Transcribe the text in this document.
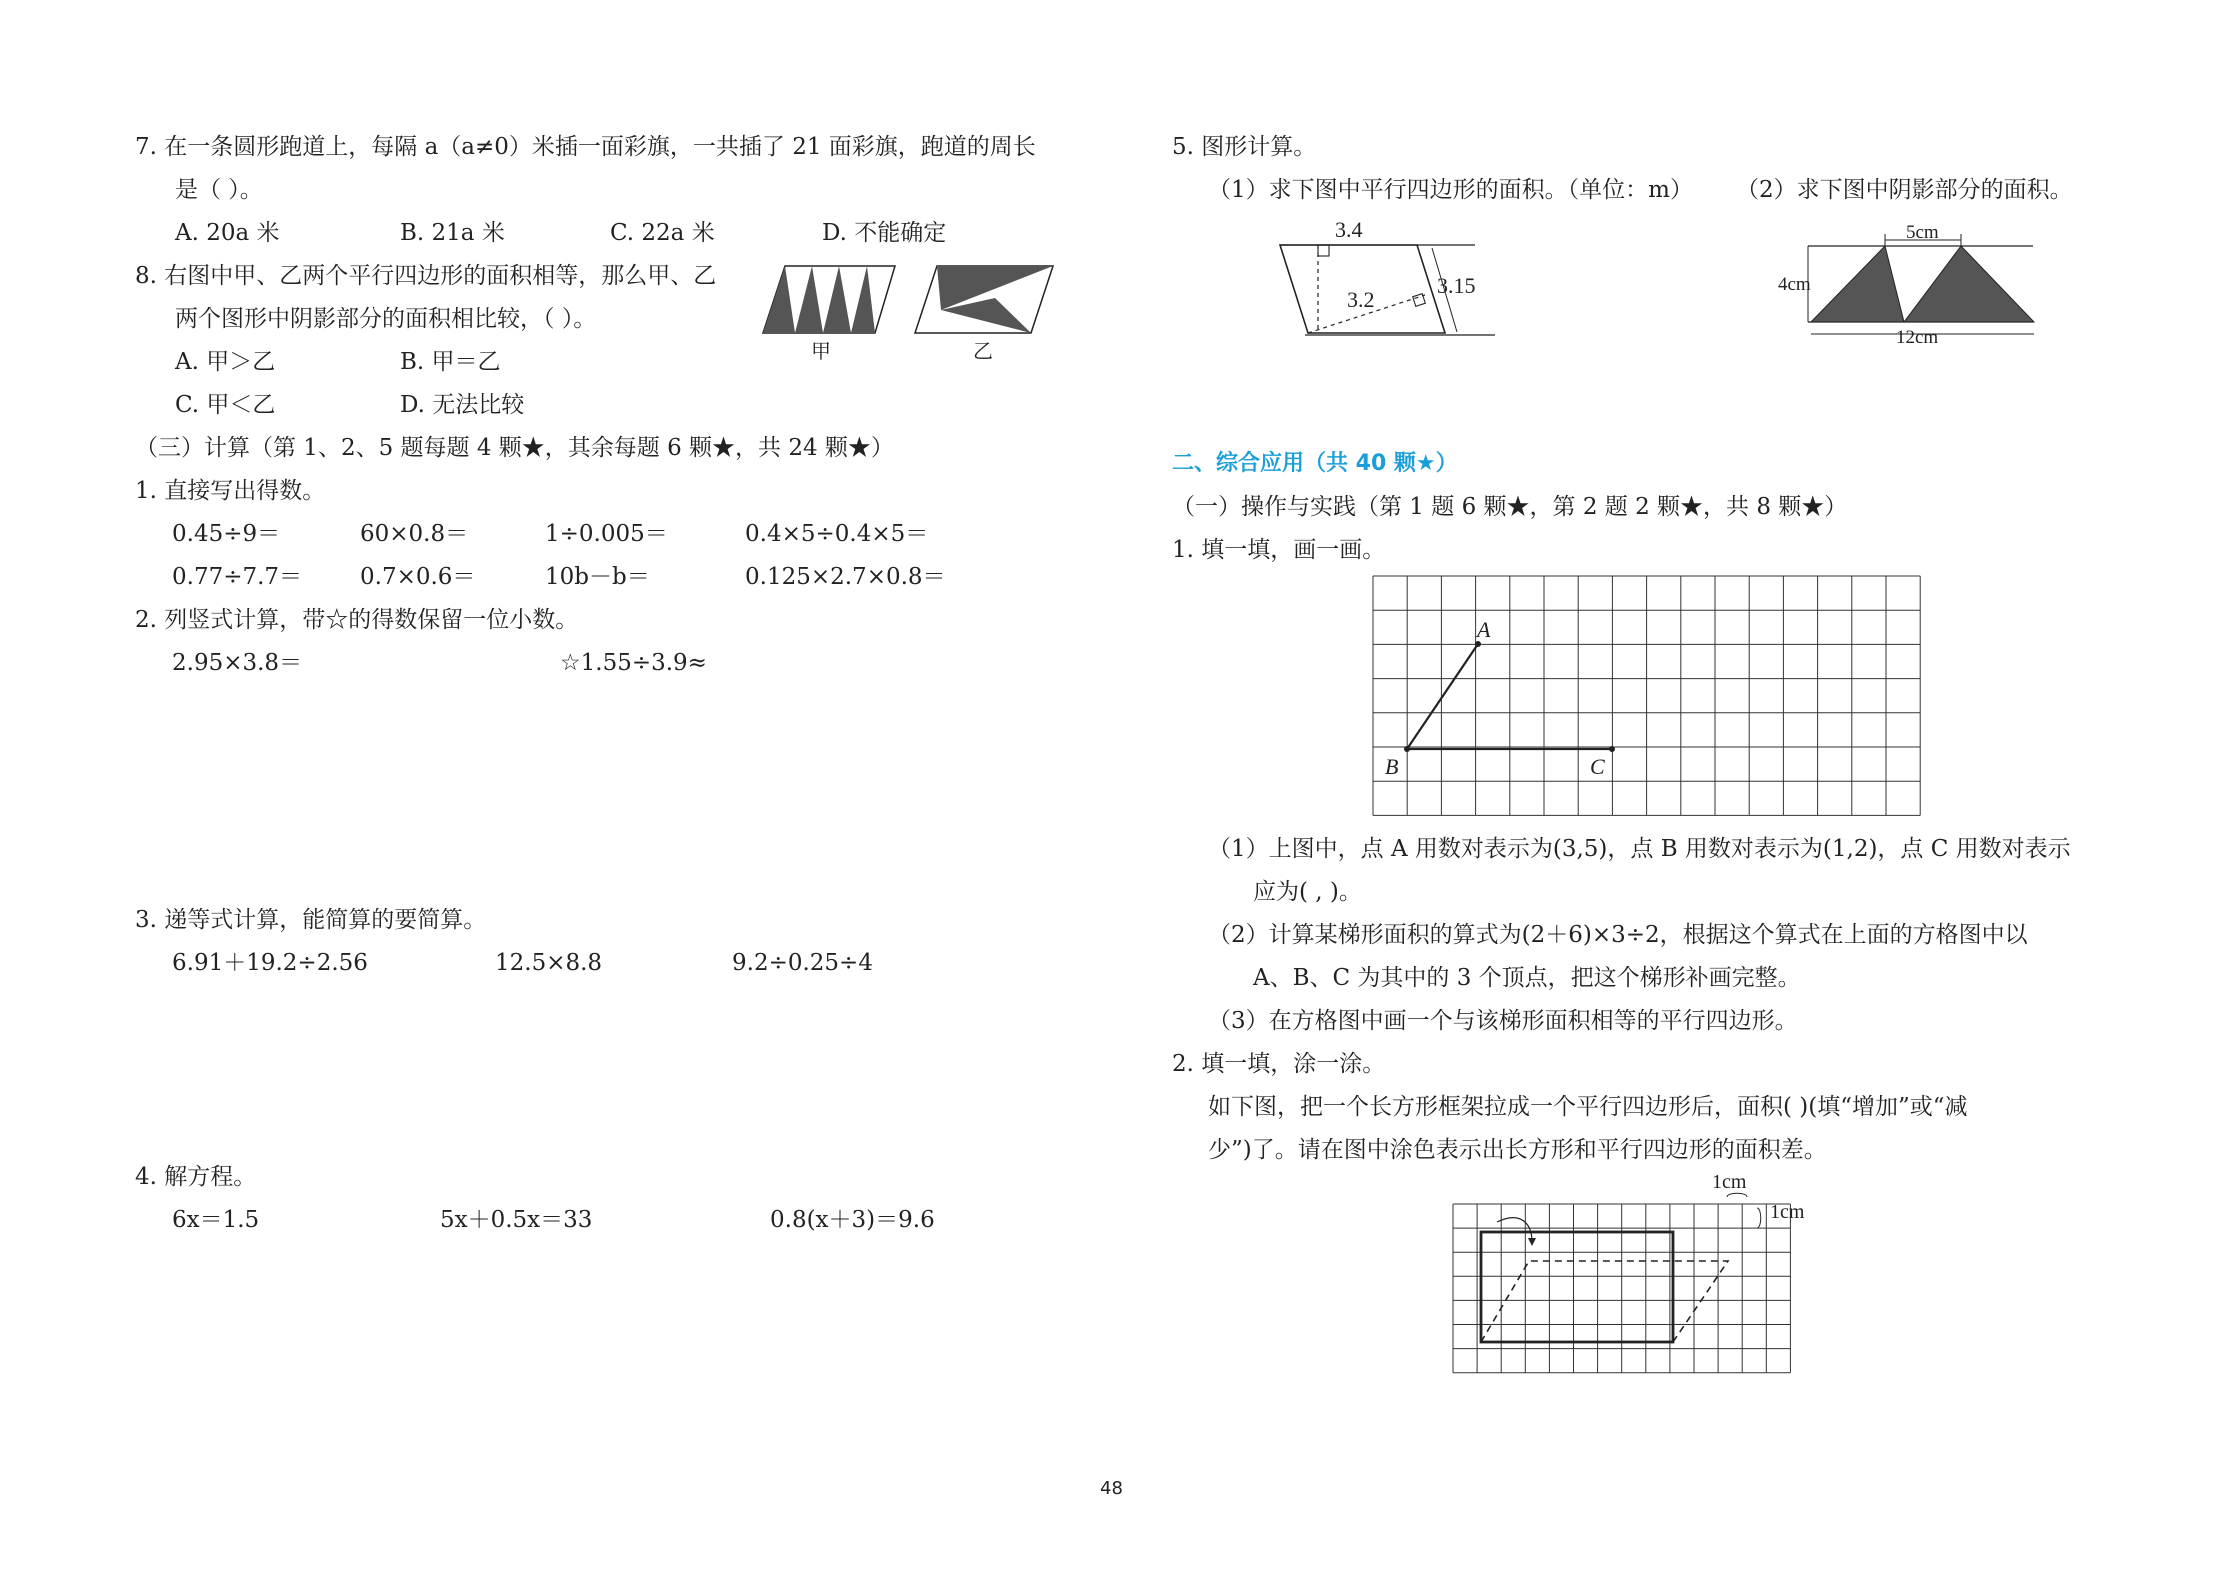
7. 在一条圆形跑道上，每隔 a（a≠0）米插一面彩旗，一共插了 21 面彩旗，跑道的周长
是（ ）。
A. 20a 米	B. 21a 米	C. 22a 米	D. 不能确定
8. 右图中甲、乙两个平行四边形的面积相等，那么甲、乙
两个图形中阴影部分的面积相比较，（ ）。
A. 甲＞乙	B. 甲＝乙
C. 甲＜乙	D. 无法比较
甲	乙
（三）计算（第 1、2、5 题每题 4 颗★，其余每题 6 颗★，共 24 颗★）
1. 直接写出得数。
0.45÷9＝	60×0.8＝	1÷0.005＝	0.4×5÷0.4×5＝
0.77÷7.7＝	0.7×0.6＝	10b－b＝	0.125×2.7×0.8＝
2. 列竖式计算，带☆的得数保留一位小数。
2.95×3.8＝	☆1.55÷3.9≈
3. 递等式计算，能简算的要简算。
6.91＋19.2÷2.56	12.5×8.8	9.2÷0.25÷4
4. 解方程。
6x＝1.5	5x＋0.5x＝33	0.8(x＋3)＝9.6
5. 图形计算。
（1）求下图中平行四边形的面积。（单位：m） （2）求下图中阴影部分的面积。
3.4
3.2
3.15
5cm
4cm
12cm
二、综合应用（共 40 颗★）
（一）操作与实践（第 1 题 6 颗★，第 2 题 2 颗★，共 8 颗★）
1. 填一填，画一画。
A
B	C
（1）上图中，点 A 用数对表示为(3,5)，点 B 用数对表示为(1,2)，点 C 用数对表示
应为( , )。
（2）计算某梯形面积的算式为(2＋6)×3÷2，根据这个算式在上面的方格图中以
A、B、C 为其中的 3 个顶点，把这个梯形补画完整。
（3）在方格图中画一个与该梯形面积相等的平行四边形。
2. 填一填，涂一涂。
如下图，把一个长方形框架拉成一个平行四边形后，面积( )(填“增加”或“减
少”)了。请在图中涂色表示出长方形和平行四边形的面积差。
1cm
1cm
48
